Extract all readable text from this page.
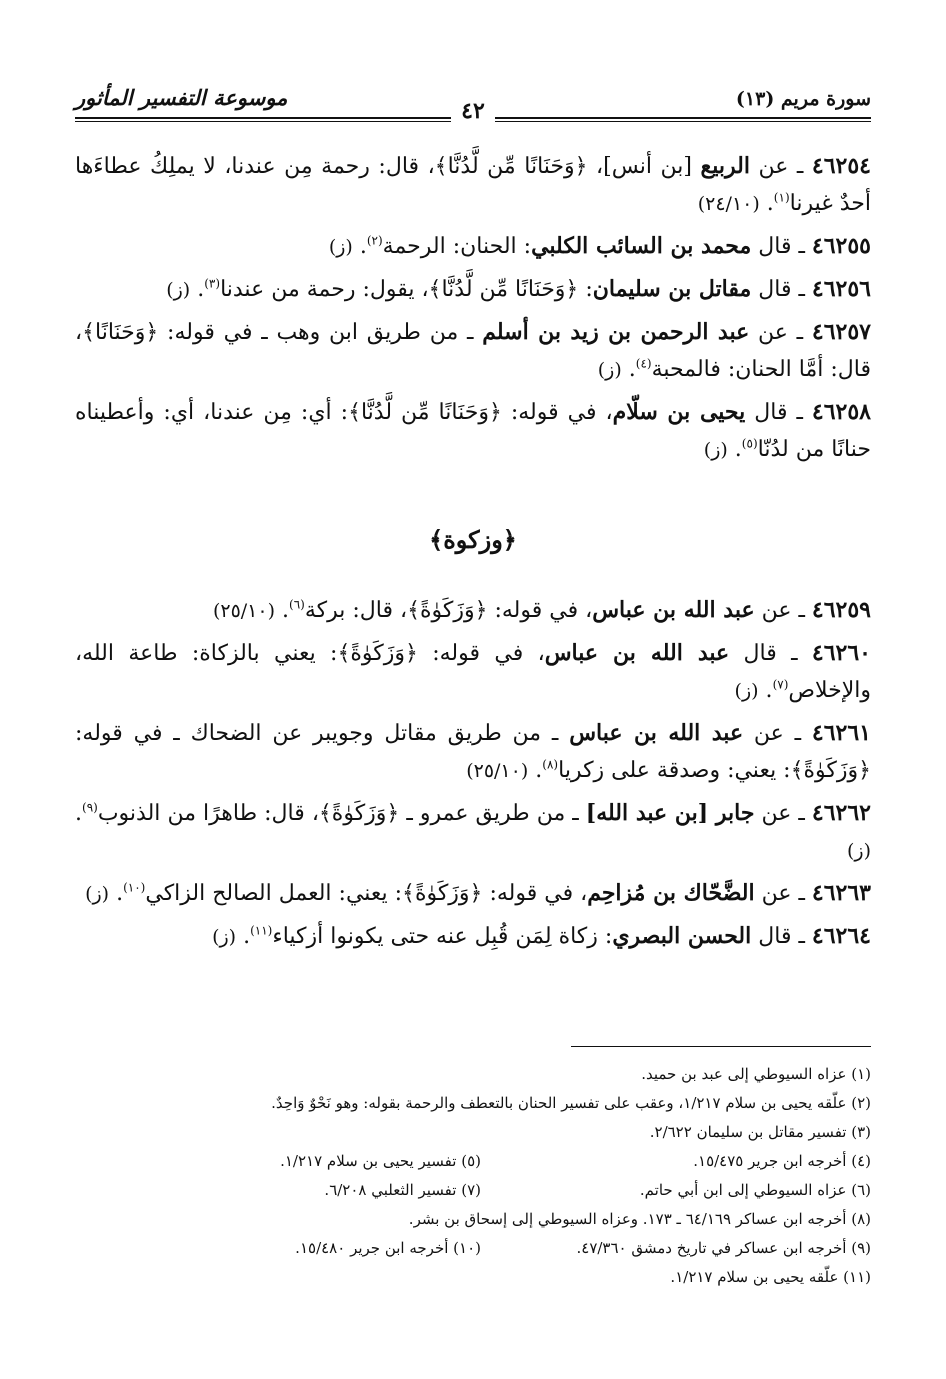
سورة مريم (١٣)
موسوعة التفسير المأثور
٤٢

٤٦٢٥٤ ـ عن الربيع [بن أنس]، ﴿وَحَنَانًا مِّن لَّدُنَّا﴾، قال: رحمة مِن عندنا، لا يملِكُ عطاءَها أحدٌ غيرنا$^{(١)}$. (٢٤/١٠)

٤٦٢٥٥ ـ قال محمد بن السائب الكلبي: الحنان: الرحمة$^{(٢)}$. (ز)

٤٦٢٥٦ ـ قال مقاتل بن سليمان: ﴿وَحَنَانًا مِّن لَّدُنَّا﴾، يقول: رحمة من عندنا$^{(٣)}$. (ز)

٤٦٢٥٧ ـ عن عبد الرحمن بن زيد بن أسلم ـ من طريق ابن وهب ـ في قوله: ﴿وَحَنَانًا﴾، قال: أمَّا الحنان: فالمحبة$^{(٤)}$. (ز)

٤٦٢٥٨ ـ قال يحيى بن سلّام، في قوله: ﴿وَحَنَانًا مِّن لَّدُنَّا﴾: أي: مِن عندنا، أي: وأعطيناه حنانًا من لدُنّا$^{(٥)}$. (ز)

﴿وزكوة﴾

٤٦٢٥٩ ـ عن عبد الله بن عباس، في قوله: ﴿وَزَكَوٰةً﴾، قال: بركة$^{(٦)}$. (٢٥/١٠)

٤٦٢٦٠ ـ قال عبد الله بن عباس، في قوله: ﴿وَزَكَوٰةً﴾: يعني بالزكاة: طاعة الله، والإخلاص$^{(٧)}$. (ز)

٤٦٢٦١ ـ عن عبد الله بن عباس ـ من طريق مقاتل وجويبر عن الضحاك ـ في قوله: ﴿وَزَكَوٰةً﴾: يعني: وصدقة على زكريا$^{(٨)}$. (٢٥/١٠)

٤٦٢٦٢ ـ عن جابر [بن عبد الله] ـ من طريق عمرو ـ ﴿وَزَكَوٰةً﴾، قال: طاهرًا من الذنوب$^{(٩)}$. (ز)

٤٦٢٦٣ ـ عن الضَّحّاك بن مُزاحِم، في قوله: ﴿وَزَكَوٰةً﴾: يعني: العمل الصالح الزاكي$^{(١٠)}$. (ز)

٤٦٢٦٤ ـ قال الحسن البصري: زكاة لِمَن قُبِل عنه حتى يكونوا أزكياء$^{(١١)}$. (ز)

(١) عزاه السيوطي إلى عبد بن حميد.
(٢) علّقه يحيى بن سلام ١/٢١٧، وعقب على تفسير الحنان بالتعطف والرحمة بقوله: وهو نَحْوٌ وَاحِدٌ.
(٣) تفسير مقاتل بن سليمان ٢/٦٢٢.
(٤) أخرجه ابن جرير ١٥/٤٧٥.
(٥) تفسير يحيى بن سلام ١/٢١٧.
(٦) عزاه السيوطي إلى ابن أبي حاتم.
(٧) تفسير الثعلبي ٦/٢٠٨.
(٨) أخرجه ابن عساكر ٦٤/١٦٩ ـ ١٧٣. وعزاه السيوطي إلى إسحاق بن بشر.
(٩) أخرجه ابن عساكر في تاريخ دمشق ٤٧/٣٦٠.
(١٠) أخرجه ابن جرير ١٥/٤٨٠.
(١١) علّقه يحيى بن سلام ١/٢١٧.
